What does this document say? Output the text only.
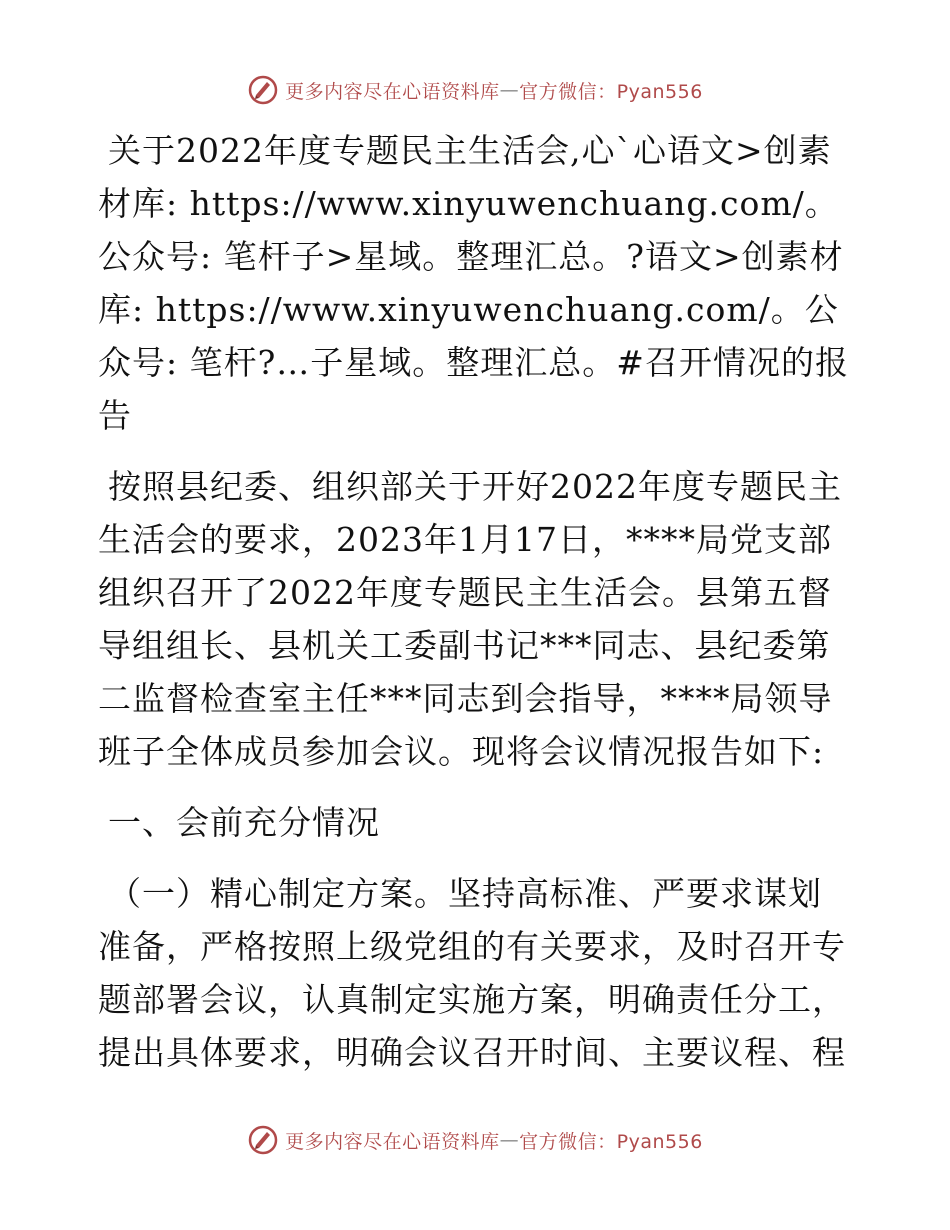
更多内容尽在心语资料库 — 官方微信：Pyan556

关于2022年度专题民主生活会,心`心语文>创素材库: https://www.xinyuwenchuang.com/。公众号: 笔杆子>星域。整理汇总。?语文>创素材库: https://www.xinyuwenchuang.com/。公众号: 笔杆?…子星域。整理汇总。#召开情况的报告

按照县纪委、组织部关于开好2022年度专题民主生活会的要求，2023年1月17日，****局党支部组织召开了2022年度专题民主生活会。县第五督导组组长、县机关工委副书记***同志、县纪委第二监督检查室主任***同志到会指导，****局领导班子全体成员参加会议。现将会议情况报告如下:

一、会前充分情况

（一）精心制定方案。坚持高标准、严要求谋划准备，严格按照上级党组的有关要求，及时召开专题部署会议，认真制定实施方案，明确责任分工，提出具体要求，明确会议召开时间、主要议程、程

更多内容尽在心语资料库 — 官方微信：Pyan556
